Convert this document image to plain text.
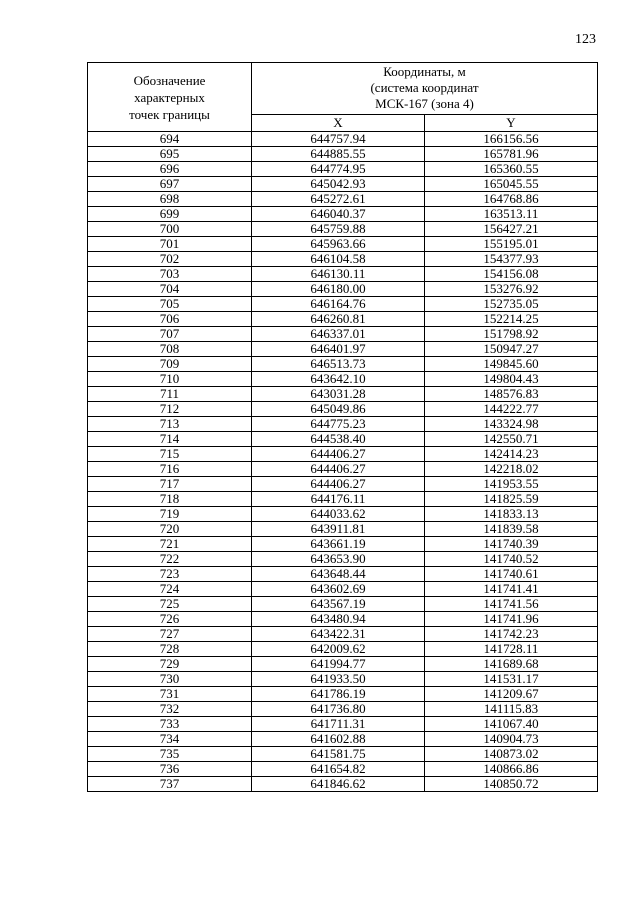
123
Обозначение
характерных
точек границы	Координаты, м
(система координат
МСК-167 (зона 4)	

	X	Y
694	644757.94	166156.56
695	644885.55	165781.96
696	644774.95	165360.55
697	645042.93	165045.55
698	645272.61	164768.86
699	646040.37	163513.11
700	645759.88	156427.21
701	645963.66	155195.01
702	646104.58	154377.93
703	646130.11	154156.08
704	646180.00	153276.92
705	646164.76	152735.05
706	646260.81	152214.25
707	646337.01	151798.92
708	646401.97	150947.27
709	646513.73	149845.60
710	643642.10	149804.43
711	643031.28	148576.83
712	645049.86	144222.77
713	644775.23	143324.98
714	644538.40	142550.71
715	644406.27	142414.23
716	644406.27	142218.02
717	644406.27	141953.55
718	644176.11	141825.59
719	644033.62	141833.13
720	643911.81	141839.58
721	643661.19	141740.39
722	643653.90	141740.52
723	643648.44	141740.61
724	643602.69	141741.41
725	643567.19	141741.56
726	643480.94	141741.96
727	643422.31	141742.23
728	642009.62	141728.11
729	641994.77	141689.68
730	641933.50	141531.17
731	641786.19	141209.67
732	641736.80	141115.83
733	641711.31	141067.40
734	641602.88	140904.73
735	641581.75	140873.02
736	641654.82	140866.86
737	641846.62	140850.72
